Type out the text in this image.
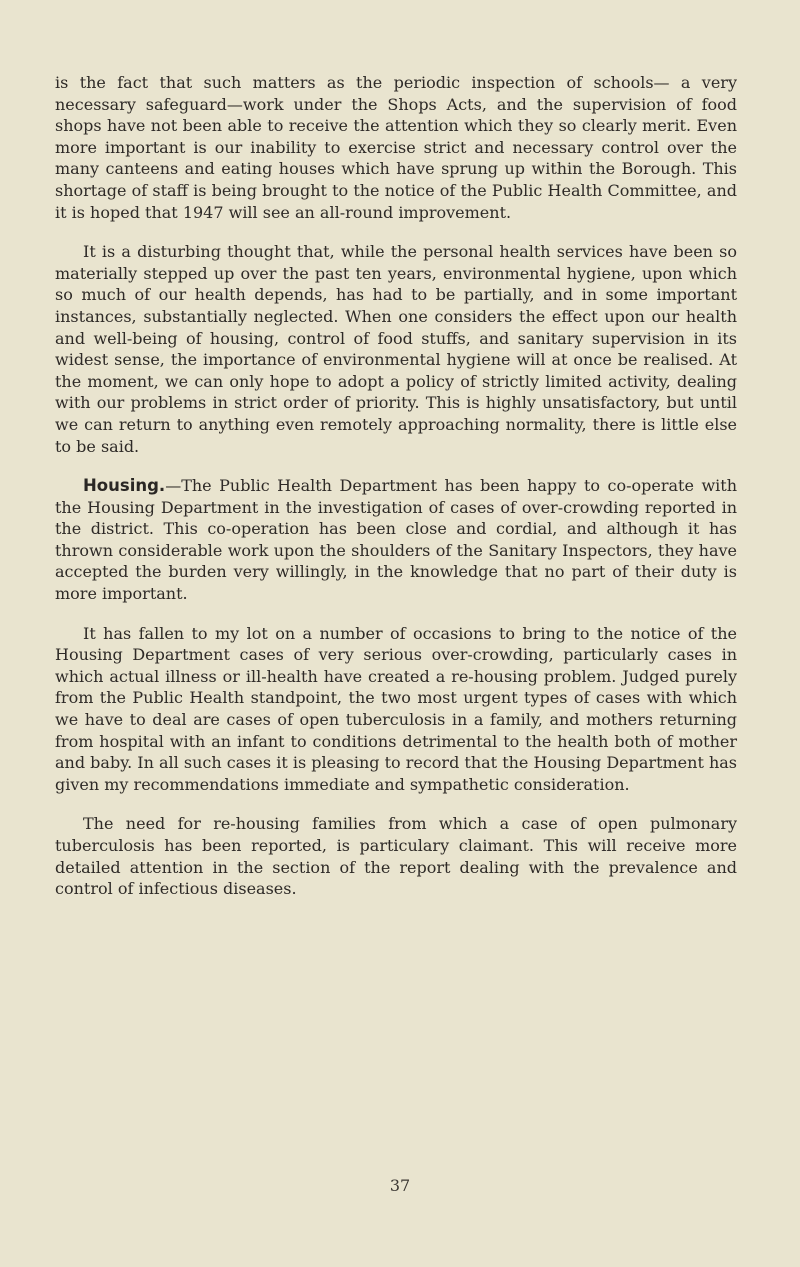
is the fact that such matters as the periodic inspection of schools— a very necessary safeguard—work under the Shops Acts, and the supervision of food shops have not been able to receive the attention which they so clearly merit. Even more important is our inability to exercise strict and necessary control over the many canteens and eating houses which have sprung up within the Borough. This shortage of staff is being brought to the notice of the Public Health Committee, and it is hoped that 1947 will see an all-round improvement.

It is a disturbing thought that, while the personal health services have been so materially stepped up over the past ten years, environmental hygiene, upon which so much of our health depends, has had to be partially, and in some important instances, substantially neglected. When one considers the effect upon our health and well-being of housing, control of food stuffs, and sanitary supervision in its widest sense, the importance of environmental hygiene will at once be realised. At the moment, we can only hope to adopt a policy of strictly limited activity, dealing with our problems in strict order of priority. This is highly unsatisfactory, but until we can return to anything even remotely approaching normality, there is little else to be said.

Housing.—The Public Health Department has been happy to co-operate with the Housing Department in the investigation of cases of over-crowding reported in the district. This co-operation has been close and cordial, and although it has thrown considerable work upon the shoulders of the Sanitary Inspectors, they have accepted the burden very willingly, in the knowledge that no part of their duty is more important.

It has fallen to my lot on a number of occasions to bring to the notice of the Housing Department cases of very serious over-crowding, particularly cases in which actual illness or ill-health have created a re-housing problem. Judged purely from the Public Health standpoint, the two most urgent types of cases with which we have to deal are cases of open tuberculosis in a family, and mothers returning from hospital with an infant to conditions detrimental to the health both of mother and baby. In all such cases it is pleasing to record that the Housing Department has given my recommendations immediate and sympathetic consideration.

The need for re-housing families from which a case of open pulmonary tuberculosis has been reported, is particulary claimant. This will receive more detailed attention in the section of the report dealing with the prevalence and control of infectious diseases.

37
